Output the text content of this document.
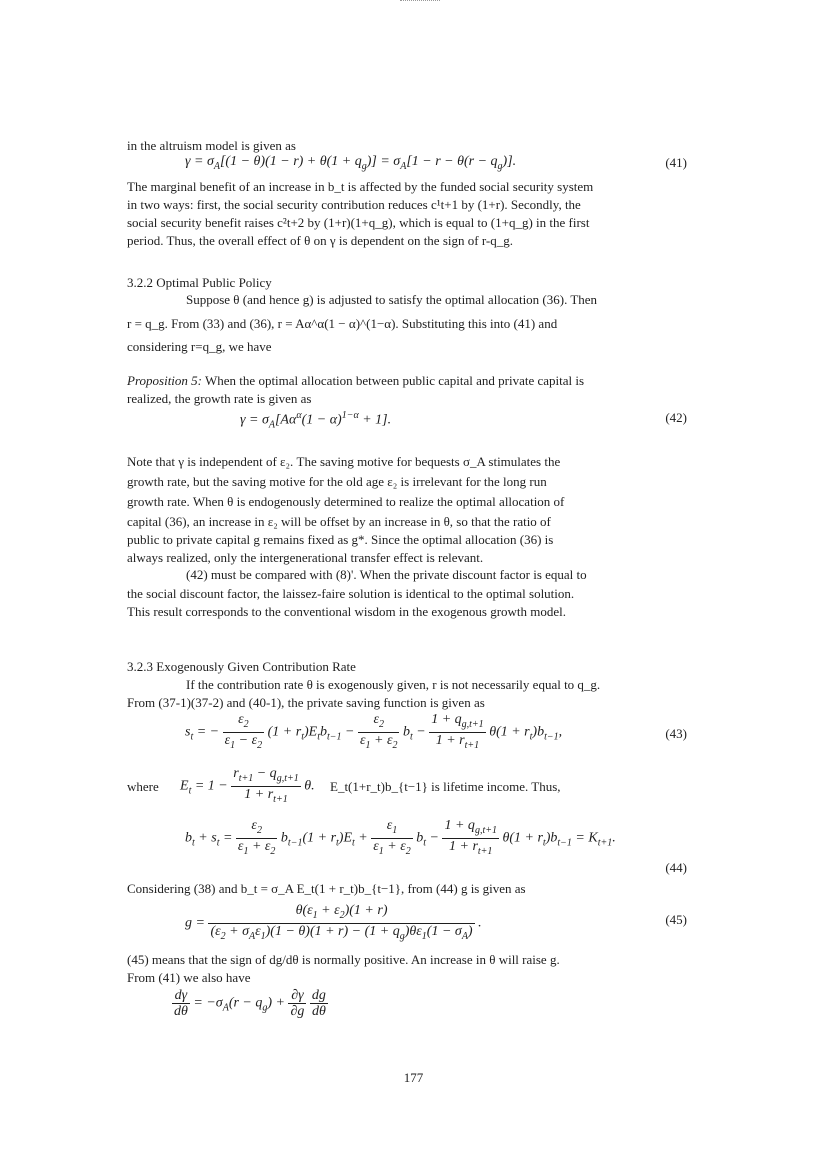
in the altruism model is given as
$\gamma = \sigma_A[(1 - \theta)(1 - r) + \theta(1 + q_g)] = \sigma_A[1 - r - \theta(r - q_g)]$.	(41)
The marginal benefit of an increase in b_t is affected by the funded social security system
in two ways: first, the social security contribution reduces c¹t+1 by (1+r). Secondly, the
social security benefit raises c²t+2 by (1+r)(1+q_g), which is equal to (1+q_g) in the first
period. Thus, the overall effect of θ on γ is dependent on the sign of r-q_g.
3.2.2 Optimal Public Policy
Suppose θ (and hence g) is adjusted to satisfy the optimal allocation (36). Then
r = q_g. From (33) and (36), r = Aα^α(1 − α)^(1−α). Substituting this into (41) and
considering r=q_g, we have
Proposition 5: When the optimal allocation between public capital and private capital is
realized, the growth rate is given as
$\gamma = \sigma_A[A\alpha^\alpha(1 - \alpha)^{1-\alpha} + 1]$.	(42)
Note that γ is independent of ε₂. The saving motive for bequests σ_A stimulates the
growth rate, but the saving motive for the old age ε₂ is irrelevant for the long run
growth rate. When θ is endogenously determined to realize the optimal allocation of
capital (36), an increase in ε₂ will be offset by an increase in θ, so that the ratio of
public to private capital g remains fixed as g*. Since the optimal allocation (36) is
always realized, only the intergenerational transfer effect is relevant.
(42) must be compared with (8)'. When the private discount factor is equal to
the social discount factor, the laissez-faire solution is identical to the optimal solution.
This result corresponds to the conventional wisdom in the exogenous growth model.
3.2.3 Exogenously Given Contribution Rate
If the contribution rate θ is exogenously given, r is not necessarily equal to q_g.
From (37-1)(37-2) and (40-1), the private saving function is given as
$s_t$ = − $\frac{\varepsilon_2}{\varepsilon_1 - \varepsilon_2} (1 + r_t)E_tb_{t-1} - \frac{\varepsilon_2}{\varepsilon_1 + \varepsilon_2} b_t - \frac{1 + q_{g,t+1}}{1 + r_{t+1}} \theta(1 + r_t)b_{t-1}$,	(43)
where $E_t = 1 - \frac{r_{t+1} - q_{g,t+1}}{1 + r_{t+1}} \theta$. E_t(1+r_t)b_{t−1} is lifetime income. Thus,
$b_t + s_t = \frac{\varepsilon_2}{\varepsilon_1 + \varepsilon_2} b_{t-1}(1 + r_t)E_t + \frac{\varepsilon_1}{\varepsilon_1 + \varepsilon_2} b_t - \frac{1 + q_{g,t+1}}{1 + r_{t+1}} \theta(1 + r_t)b_{t-1} = K_{t+1}$.
(44)
Considering (38) and b_t = σ_A E_t(1 + r_t)b_{t−1}, from (44) g is given as
$g = \frac{\theta(\varepsilon_1 + \varepsilon_2)(1 + r)}{(\varepsilon_2 + \sigma_A\varepsilon_1)(1 - \theta)(1 + r) - (1 + q_g)\theta\varepsilon_1(1 - \sigma_A)}$ .	(45)
(45) means that the sign of dg/dθ is normally positive. An increase in θ will raise g.
From (41) we also have
$\frac{d\gamma}{d\theta} = -\sigma_A(r - q_g) + \frac{\partial\gamma}{\partial g}$
$\frac{dg}{d\theta}$
177
